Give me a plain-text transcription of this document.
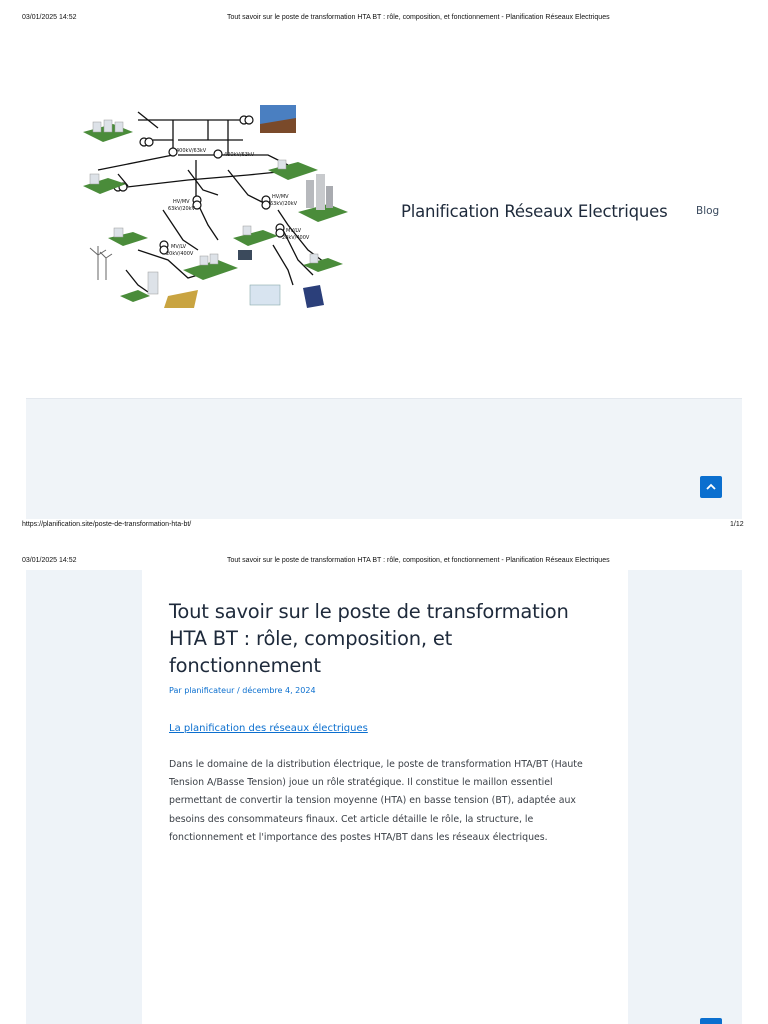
03/01/2025 14:52	Tout savoir sur le poste de transformation HTA BT : rôle, composition, et fonctionnement - Planification Réseaux Electriques
400kV/63kV
400kV/63kV
HV/MV
63kV/20kV
HV/MV
63kV/20kV
MV/LV
20kV/400V
MV/LV
20kV/400V
Planification Réseaux Electriques	Blog
https://planification.site/poste-de-transformation-hta-bt/	1/12
03/01/2025 14:52	Tout savoir sur le poste de transformation HTA BT : rôle, composition, et fonctionnement - Planification Réseaux Electriques
Tout savoir sur le poste de transformation HTA BT : rôle, composition, et fonctionnement
Par planificateur / décembre 4, 2024
La planification des réseaux électriques

Dans le domaine de la distribution électrique, le poste de transformation HTA/BT (Haute
Tension A/Basse Tension) joue un rôle stratégique. Il constitue le maillon essentiel
permettant de convertir la tension moyenne (HTA) en basse tension (BT), adaptée aux
besoins des consommateurs finaux. Cet article détaille le rôle, la structure, le
fonctionnement et l'importance des postes HTA/BT dans les réseaux électriques.
